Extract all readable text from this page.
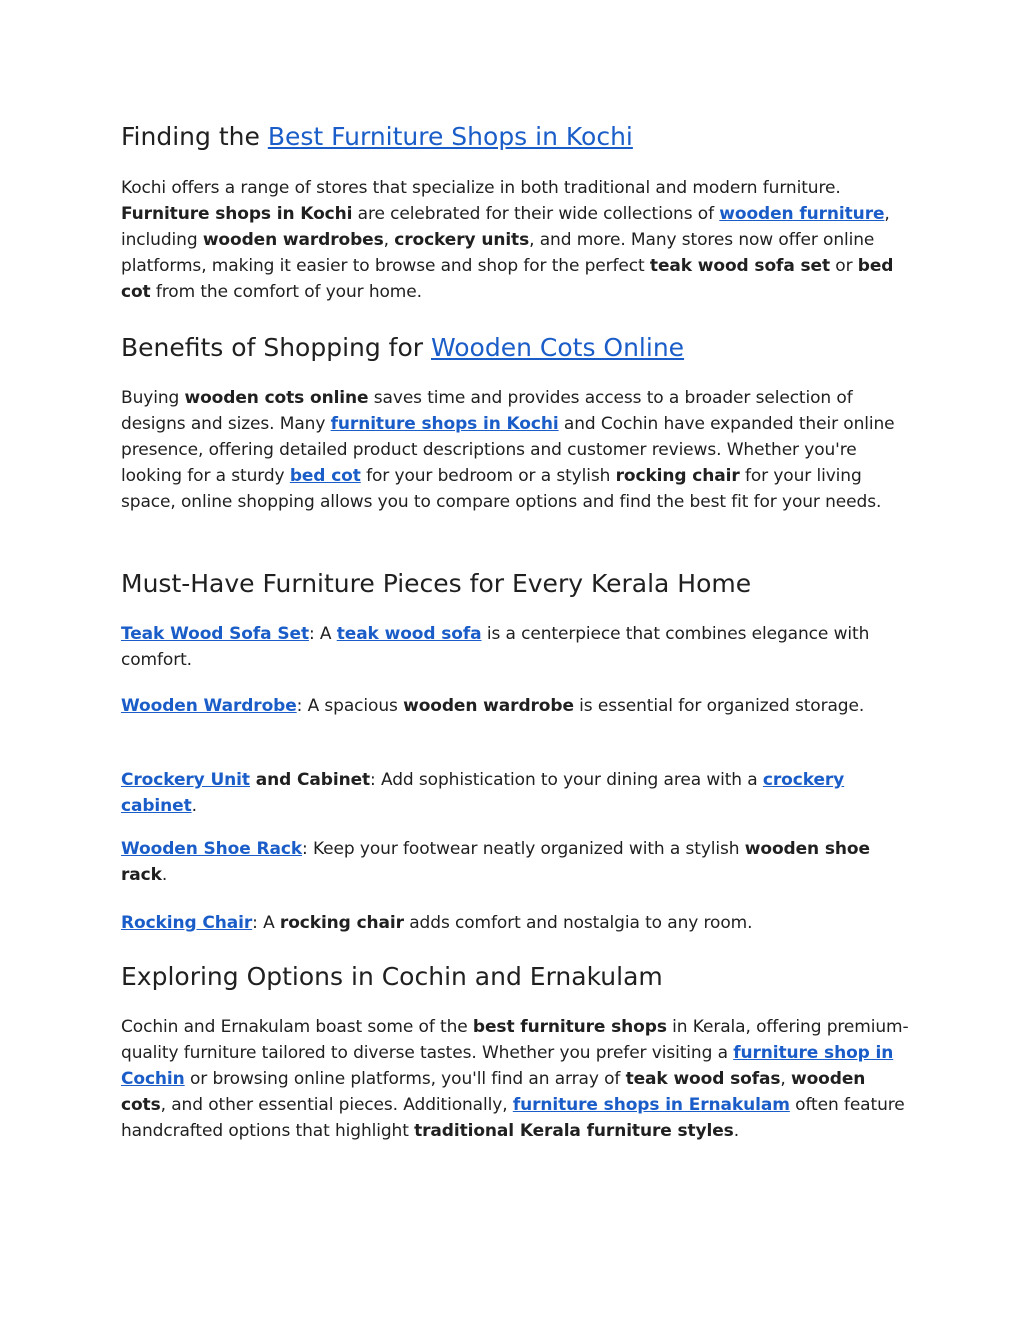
Finding the Best Furniture Shops in Kochi

Kochi offers a range of stores that specialize in both traditional and modern furniture. Furniture shops in Kochi are celebrated for their wide collections of wooden furniture, including wooden wardrobes, crockery units, and more. Many stores now offer online platforms, making it easier to browse and shop for the perfect teak wood sofa set or bed cot from the comfort of your home.

Benefits of Shopping for Wooden Cots Online

Buying wooden cots online saves time and provides access to a broader selection of designs and sizes. Many furniture shops in Kochi and Cochin have expanded their online presence, offering detailed product descriptions and customer reviews. Whether you're looking for a sturdy bed cot for your bedroom or a stylish rocking chair for your living space, online shopping allows you to compare options and find the best fit for your needs.

Must-Have Furniture Pieces for Every Kerala Home

Teak Wood Sofa Set: A teak wood sofa is a centerpiece that combines elegance with comfort.

Wooden Wardrobe: A spacious wooden wardrobe is essential for organized storage.

Crockery Unit and Cabinet: Add sophistication to your dining area with a crockery cabinet.

Wooden Shoe Rack: Keep your footwear neatly organized with a stylish wooden shoe rack.

Rocking Chair: A rocking chair adds comfort and nostalgia to any room.

Exploring Options in Cochin and Ernakulam

Cochin and Ernakulam boast some of the best furniture shops in Kerala, offering premium-quality furniture tailored to diverse tastes. Whether you prefer visiting a furniture shop in Cochin or browsing online platforms, you'll find an array of teak wood sofas, wooden cots, and other essential pieces. Additionally, furniture shops in Ernakulam often feature handcrafted options that highlight traditional Kerala furniture styles.
